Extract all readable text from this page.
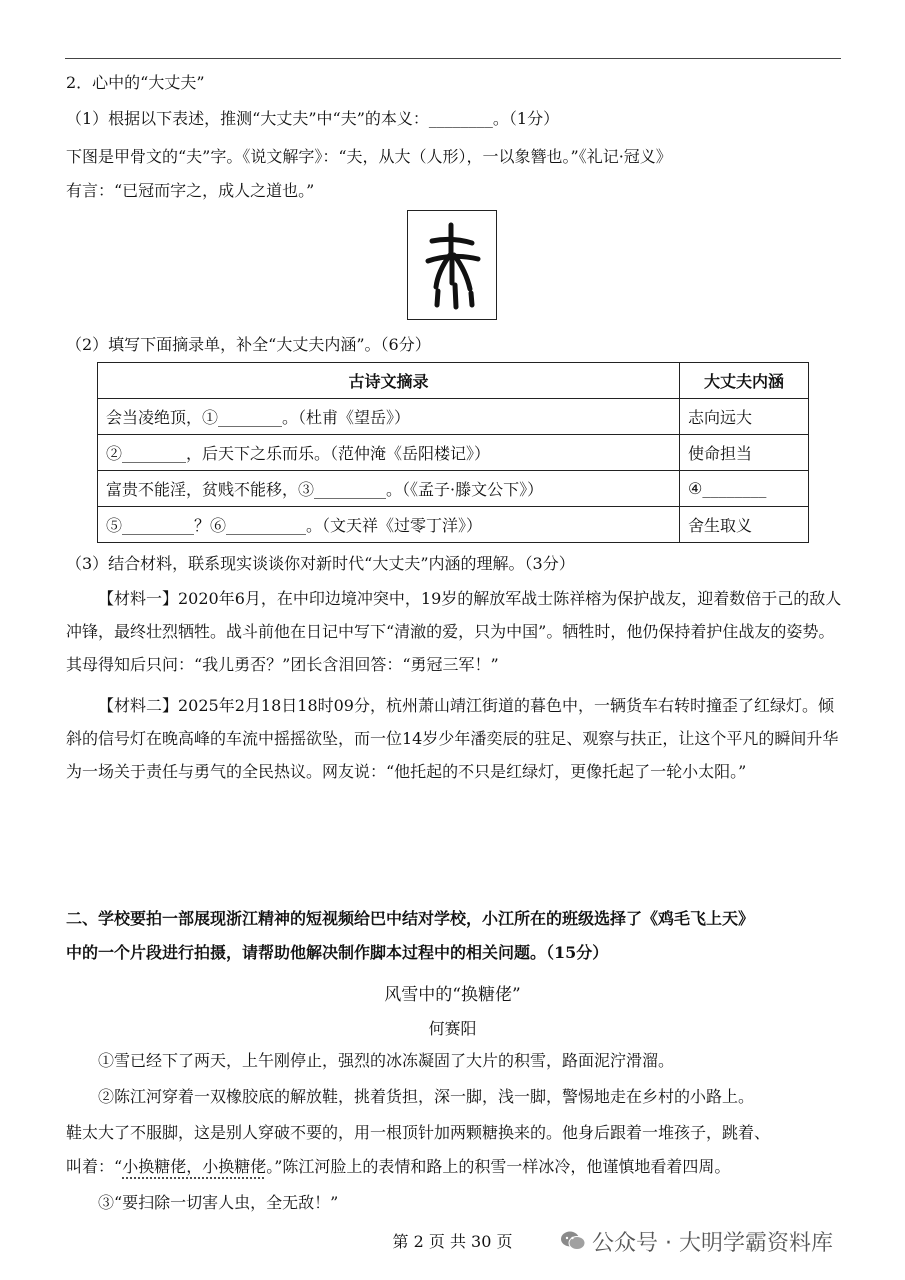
2．心中的“大丈夫”
（1）根据以下表述，推测“大丈夫”中“夫”的本义：________。（1分）
下图是甲骨文的“夫”字。《说文解字》：“夫，从大（人形），一以象簪也。”《礼记·冠义》
有言：“已冠而字之，成人之道也。”
（2）填写下面摘录单，补全“大丈夫内涵”。（6分）
古诗文摘录	大丈夫内涵
会当凌绝顶，①________。（杜甫《望岳》）	志向远大
②________，后天下之乐而乐。（范仲淹《岳阳楼记》）	使命担当
富贵不能淫，贫贱不能移，③_________。（《孟子·滕文公下》）	④________
⑤_________？⑥__________。（文天祥《过零丁洋》）	舍生取义
（3）结合材料，联系现实谈谈你对新时代“大丈夫”内涵的理解。（3分）
【材料一】2020年6月，在中印边境冲突中，19岁的解放军战士陈祥榕为保护战友，迎着数倍于己的敌人冲锋，最终壮烈牺牲。战斗前他在日记中写下“清澈的爱，只为中国”。牺牲时，他仍保持着护住战友的姿势。其母得知后只问：“我儿勇否？”团长含泪回答：“勇冠三军！”
【材料二】2025年2月18日18时09分，杭州萧山靖江街道的暮色中，一辆货车右转时撞歪了红绿灯。倾斜的信号灯在晚高峰的车流中摇摇欲坠，而一位14岁少年潘奕辰的驻足、观察与扶正，让这个平凡的瞬间升华为一场关于责任与勇气的全民热议。网友说：“他托起的不只是红绿灯，更像托起了一轮小太阳。”
二、学校要拍一部展现浙江精神的短视频给巴中结对学校，小江所在的班级选择了《鸡毛飞上天》
中的一个片段进行拍摄，请帮助他解决制作脚本过程中的相关问题。（15分）
风雪中的“换糖佬”
何赛阳
①雪已经下了两天，上午刚停止，强烈的冰冻凝固了大片的积雪，路面泥泞滑溜。
②陈江河穿着一双橡胶底的解放鞋，挑着货担，深一脚，浅一脚，警惕地走在乡村的小路上。
鞋太大了不服脚，这是别人穿破不要的，用一根顶针加两颗糖换来的。他身后跟着一堆孩子，跳着、
叫着：“小换糖佬，小换糖佬。”陈江河脸上的表情和路上的积雪一样冰冷，他谨慎地看着四周。
③“要扫除一切害人虫，全无敌！”
第 2 页 共 30 页	公众号 · 大明学霸资料库
